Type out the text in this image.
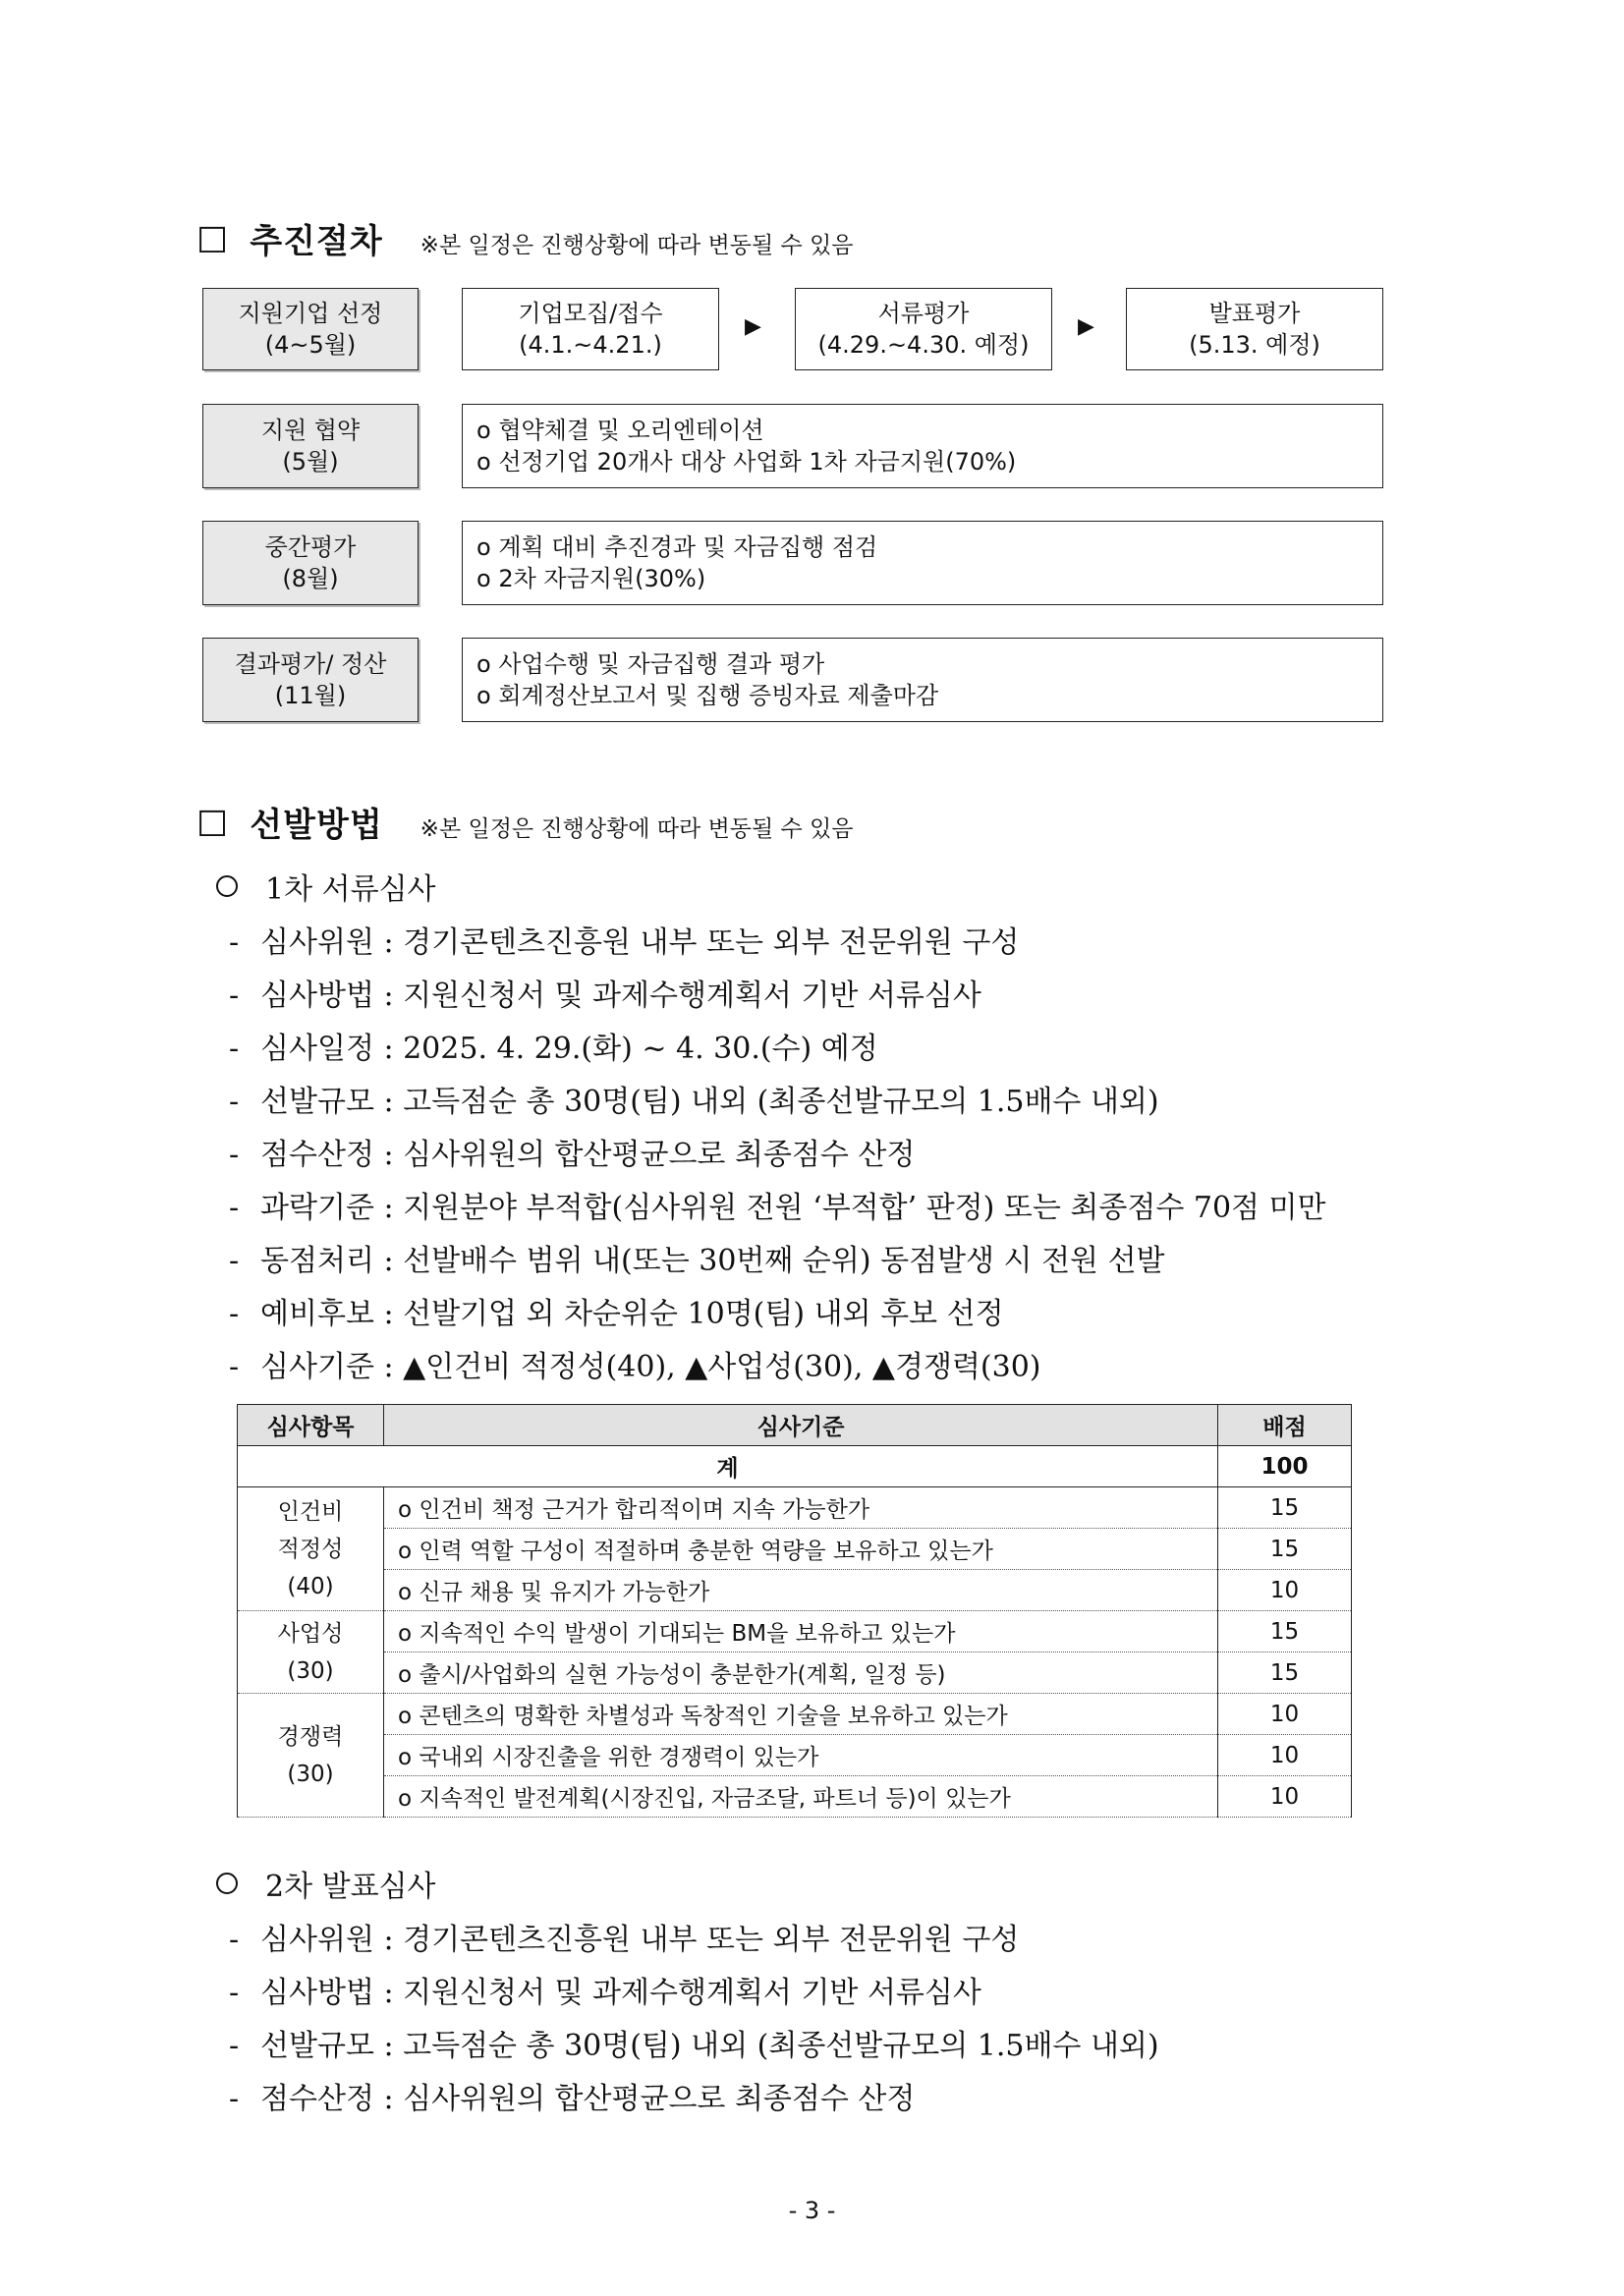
☐ 추진절차 ※본 일정은 진행상황에 따라 변동될 수 있음
지원기업 선정
(4~5월)
기업모집/접수
(4.1.~4.21.)
▶	서류평가
(4.29.~4.30. 예정)
▶	발표평가
(5.13. 예정)
지원 협약
(5월)
o 협약체결 및 오리엔테이션
o 선정기업 20개사 대상 사업화 1차 자금지원(70%)
중간평가
(8월)
o 계획 대비 추진경과 및 자금집행 점검
o 2차 자금지원(30%)
결과평가/ 정산
(11월)
o 사업수행 및 자금집행 결과 평가
o 회계정산보고서 및 집행 증빙자료 제출마감
☐ 선발방법 ※본 일정은 진행상황에 따라 변동될 수 있음
1차 서류심사
- 심사위원 : 경기콘텐츠진흥원 내부 또는 외부 전문위원 구성
- 심사방법 : 지원신청서 및 과제수행계획서 기반 서류심사
- 심사일정 : 2025. 4. 29.(화) ~ 4. 30.(수) 예정
- 선발규모 : 고득점순 총 30명(팀) 내외 (최종선발규모의 1.5배수 내외)
- 점수산정 : 심사위원의 합산평균으로 최종점수 산정
- 과락기준 : 지원분야 부적합(심사위원 전원 ‘부적합’ 판정) 또는 최종점수 70점 미만
- 동점처리 : 선발배수 범위 내(또는 30번째 순위) 동점발생 시 전원 선발
- 예비후보 : 선발기업 외 차순위순 10명(팀) 내외 후보 선정
- 심사기준 : ▲인건비 적정성(40), ▲사업성(30), ▲경쟁력(30)
심사항목	심사기준	배점
계		100

인건비
적정성
(40)	o 인건비 책정 근거가 합리적이며 지속 가능한가	15
	o 인력 역할 구성이 적절하며 충분한 역량을 보유하고 있는가	15
	o 신규 채용 및 유지가 가능한가	10

사업성
(30)	o 지속적인 수익 발생이 기대되는 BM을 보유하고 있는가	15
	o 출시/사업화의 실현 가능성이 충분한가(계획, 일정 등)	15

경쟁력
(30)	o 콘텐츠의 명확한 차별성과 독창적인 기술을 보유하고 있는가	10
	o 국내외 시장진출을 위한 경쟁력이 있는가	10
	o 지속적인 발전계획(시장진입, 자금조달, 파트너 등)이 있는가	10
2차 발표심사
- 심사위원 : 경기콘텐츠진흥원 내부 또는 외부 전문위원 구성
- 심사방법 : 지원신청서 및 과제수행계획서 기반 서류심사
- 선발규모 : 고득점순 총 30명(팀) 내외 (최종선발규모의 1.5배수 내외)
- 점수산정 : 심사위원의 합산평균으로 최종점수 산정
- 3 -
